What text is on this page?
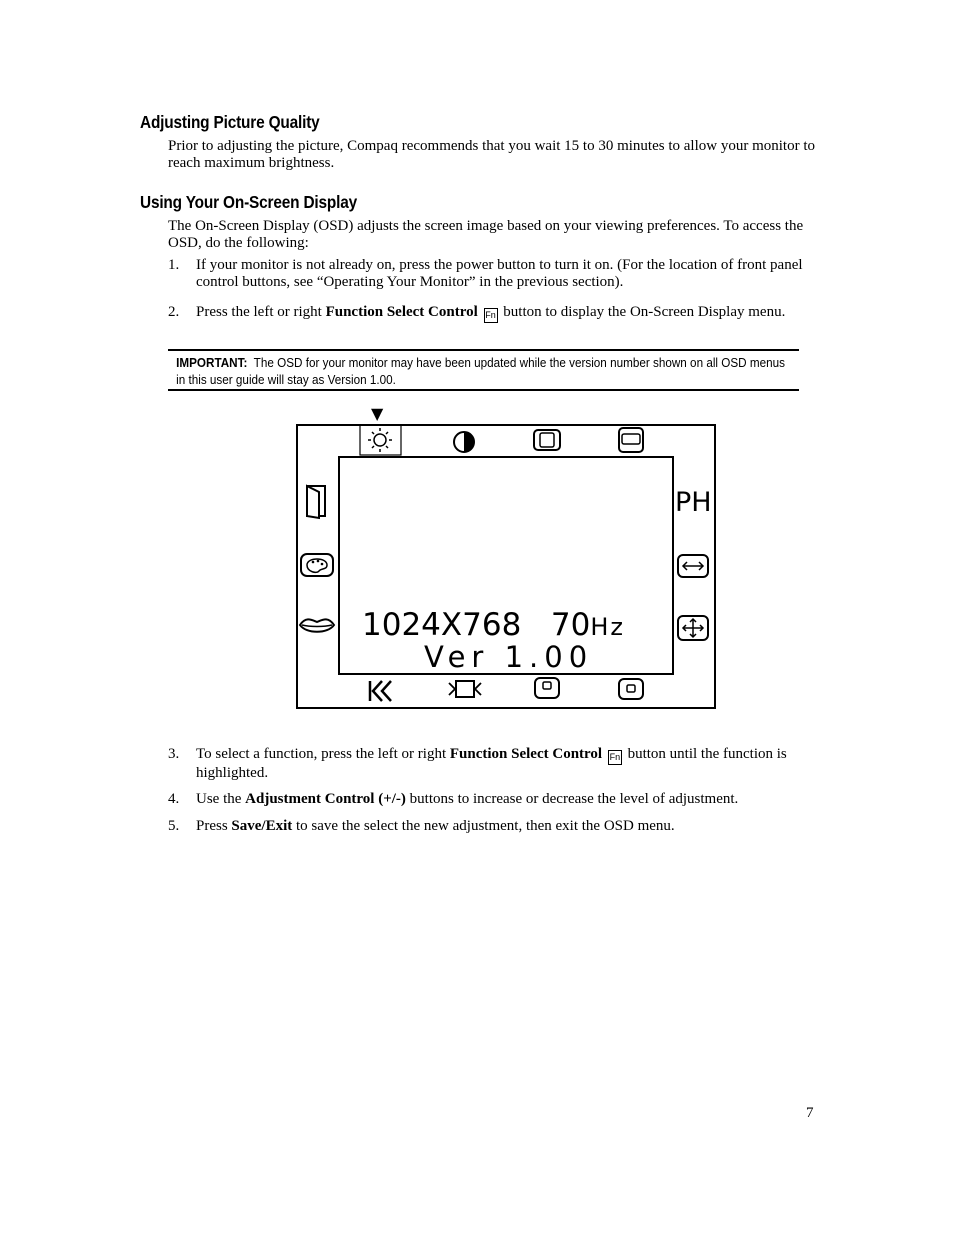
Adjusting Picture Quality
Prior to adjusting the picture, Compaq recommends that you wait 15 to 30 minutes to allow your monitor to reach maximum brightness.
Using Your On-Screen Display
The On-Screen Display (OSD) adjusts the screen image based on your viewing preferences. To access the OSD, do the following:
1. If your monitor is not already on, press the power button to turn it on. (For the location of front panel control buttons, see “Operating Your Monitor” in the previous section).
2. Press the left or right Function Select Control Fn button to display the On-Screen Display menu.
IMPORTANT: The OSD for your monitor may have been updated while the version number shown on all OSD menus in this user guide will stay as Version 1.00.
▼
PH
1024X768 70Hz
Ver 1.00
3. To select a function, press the left or right Function Select Control Fn button until the function is highlighted.
4. Use the Adjustment Control (+/-) buttons to increase or decrease the level of adjustment.
5. Press Save/Exit to save the select the new adjustment, then exit the OSD menu.
7
